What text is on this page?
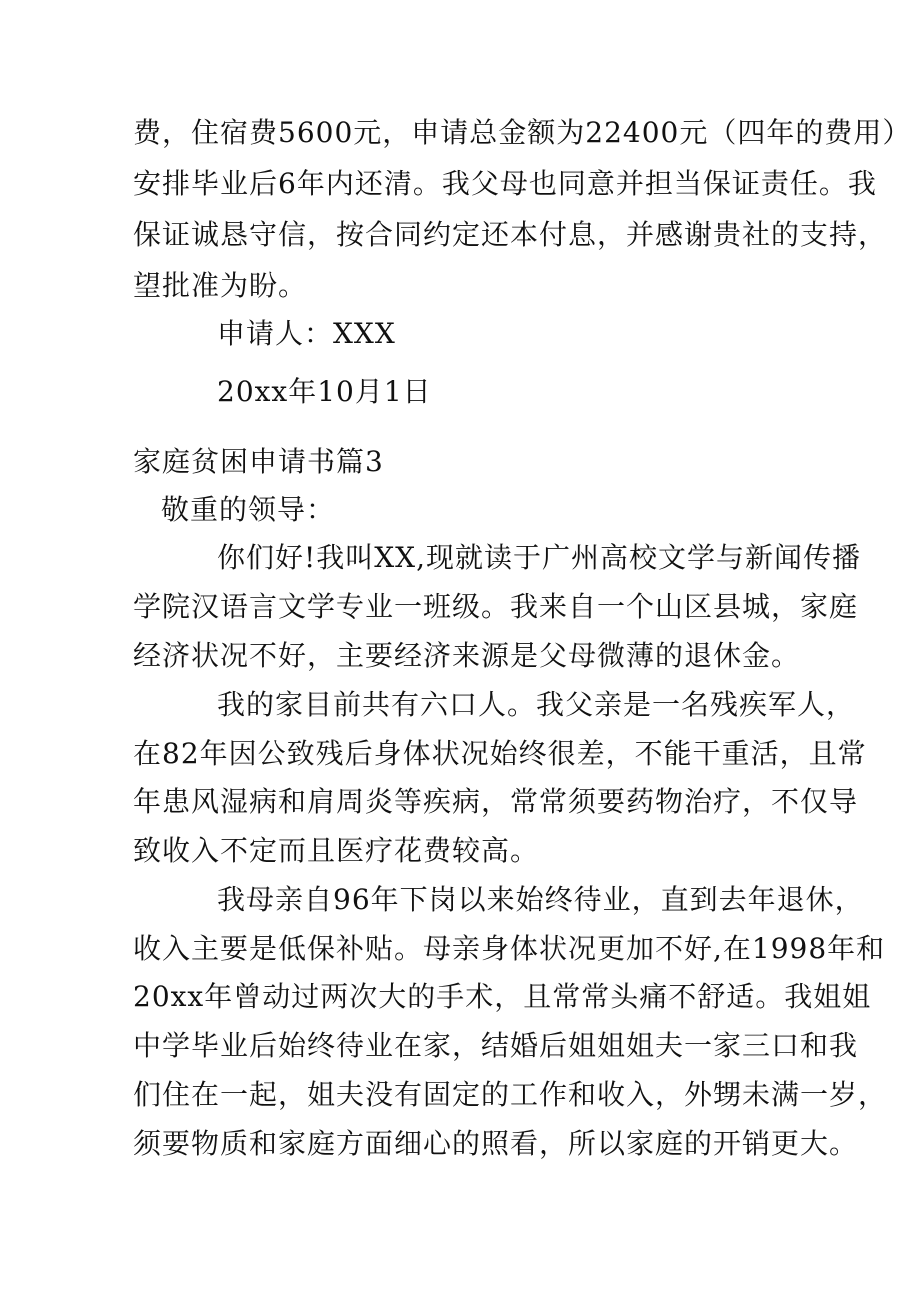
费，住宿费5600元，申请总金额为22400元（四年的费用）
安排毕业后6年内还清。我父母也同意并担当保证责任。我
保证诚恳守信，按合同约定还本付息，并感谢贵社的支持，
望批准为盼。
申请人：XXX
20xx年10月1日
家庭贫困申请书篇3
敬重的领导：
你们好!我叫XX,现就读于广州高校文学与新闻传播
学院汉语言文学专业一班级。我来自一个山区县城，家庭
经济状况不好，主要经济来源是父母微薄的退休金。
我的家目前共有六口人。我父亲是一名残疾军人，
在82年因公致残后身体状况始终很差，不能干重活，且常
年患风湿病和肩周炎等疾病，常常须要药物治疗，不仅导
致收入不定而且医疗花费较高。
我母亲自96年下岗以来始终待业，直到去年退休，
收入主要是低保补贴。母亲身体状况更加不好,在1998年和
20xx年曾动过两次大的手术，且常常头痛不舒适。我姐姐
中学毕业后始终待业在家，结婚后姐姐姐夫一家三口和我
们住在一起，姐夫没有固定的工作和收入，外甥未满一岁，
须要物质和家庭方面细心的照看，所以家庭的开销更大。
